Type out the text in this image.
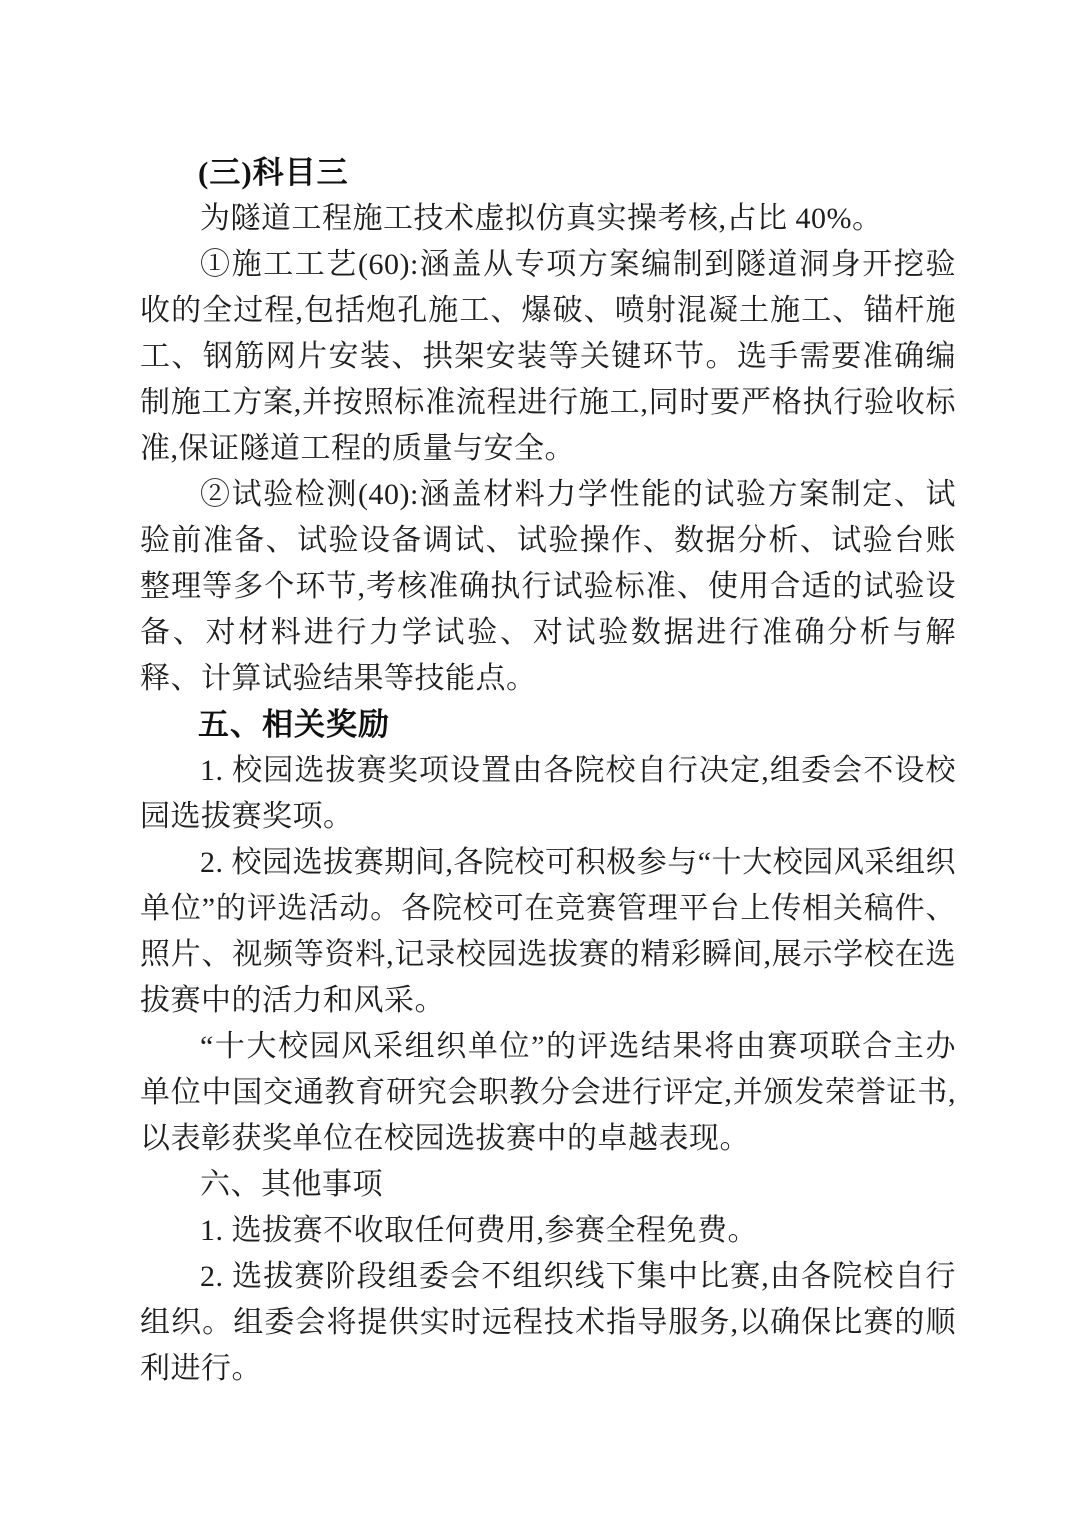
(三)科目三

为隧道工程施工技术虚拟仿真实操考核,占比 40%。

①施工工艺(60):涵盖从专项方案编制到隧道洞身开挖验收的全过程,包括炮孔施工、爆破、喷射混凝土施工、锚杆施工、钢筋网片安装、拱架安装等关键环节。选手需要准确编制施工方案,并按照标准流程进行施工,同时要严格执行验收标准,保证隧道工程的质量与安全。

②试验检测(40):涵盖材料力学性能的试验方案制定、试验前准备、试验设备调试、试验操作、数据分析、试验台账整理等多个环节,考核准确执行试验标准、使用合适的试验设备、对材料进行力学试验、对试验数据进行准确分析与解释、计算试验结果等技能点。

五、相关奖励

1. 校园选拔赛奖项设置由各院校自行决定,组委会不设校园选拔赛奖项。

2. 校园选拔赛期间,各院校可积极参与“十大校园风采组织单位”的评选活动。各院校可在竞赛管理平台上传相关稿件、照片、视频等资料,记录校园选拔赛的精彩瞬间,展示学校在选拔赛中的活力和风采。

“十大校园风采组织单位”的评选结果将由赛项联合主办单位中国交通教育研究会职教分会进行评定,并颁发荣誉证书,以表彰获奖单位在校园选拔赛中的卓越表现。

六、其他事项

1. 选拔赛不收取任何费用,参赛全程免费。

2. 选拔赛阶段组委会不组织线下集中比赛,由各院校自行组织。组委会将提供实时远程技术指导服务,以确保比赛的顺利进行。
